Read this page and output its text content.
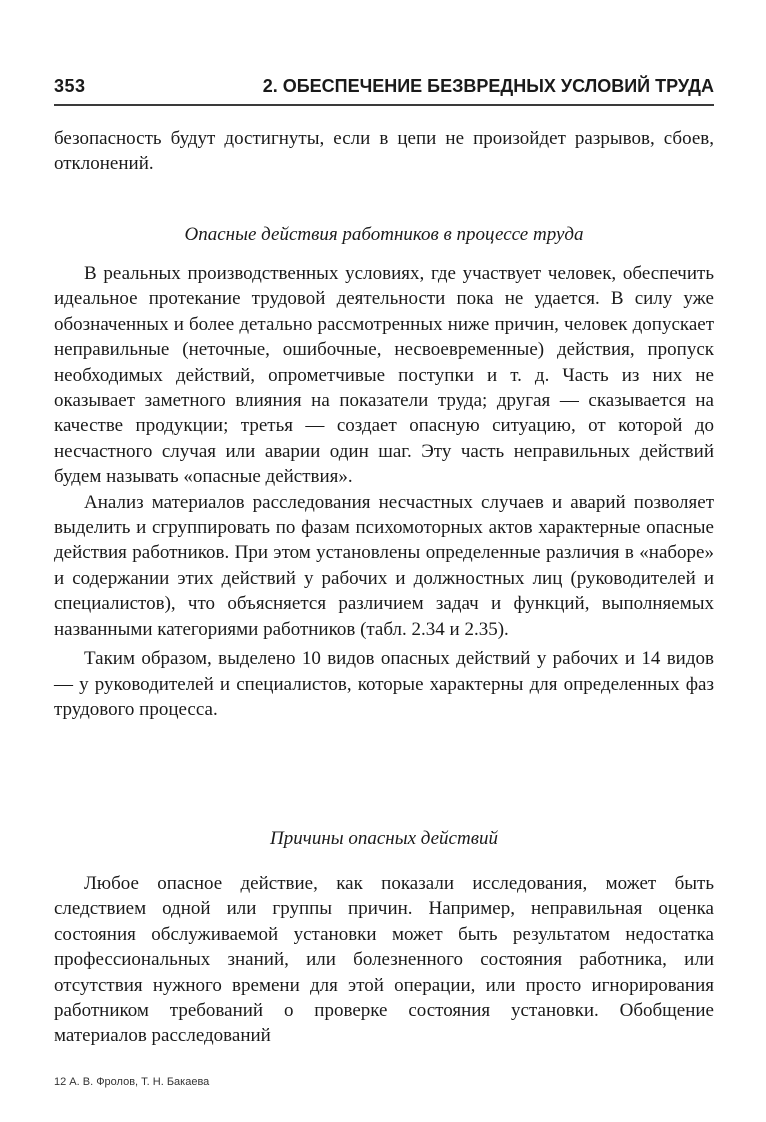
353	2. ОБЕСПЕЧЕНИЕ БЕЗВРЕДНЫХ УСЛОВИЙ ТРУДА

безопасность будут достигнуты, если в цепи не произойдет разрывов, сбоев, отклонений.

Опасные действия работников в процессе труда

В реальных производственных условиях, где участвует человек, обеспечить идеальное протекание трудовой деятельности пока не удается. В силу уже обозначенных и более детально рассмотренных ниже причин, человек допускает неправильные (неточные, ошибочные, несвоевременные) действия, пропуск необходимых действий, опрометчивые поступки и т. д. Часть из них не оказывает заметного влияния на показатели труда; другая — сказывается на качестве продукции; третья — создает опасную ситуацию, от которой до несчастного случая или аварии один шаг. Эту часть неправильных действий будем называть «опасные действия».

Анализ материалов расследования несчастных случаев и аварий позволяет выделить и сгруппировать по фазам психомоторных актов характерные опасные действия работников. При этом установлены определенные различия в «наборе» и содержании этих действий у рабочих и должностных лиц (руководителей и специалистов), что объясняется различием задач и функций, выполняемых названными категориями работников (табл. 2.34 и 2.35).

Таким образом, выделено 10 видов опасных действий у рабочих и 14 видов — у руководителей и специалистов, которые характерны для определенных фаз трудового процесса.

Причины опасных действий

Любое опасное действие, как показали исследования, может быть следствием одной или группы причин. Например, неправильная оценка состояния обслуживаемой установки может быть результатом недостатка профессиональных знаний, или болезненного состояния работника, или отсутствия нужного времени для этой операции, или просто игнорирования работником требований о проверке состояния установки. Обобщение материалов расследований

12 А. В. Фролов, Т. Н. Бакаева
